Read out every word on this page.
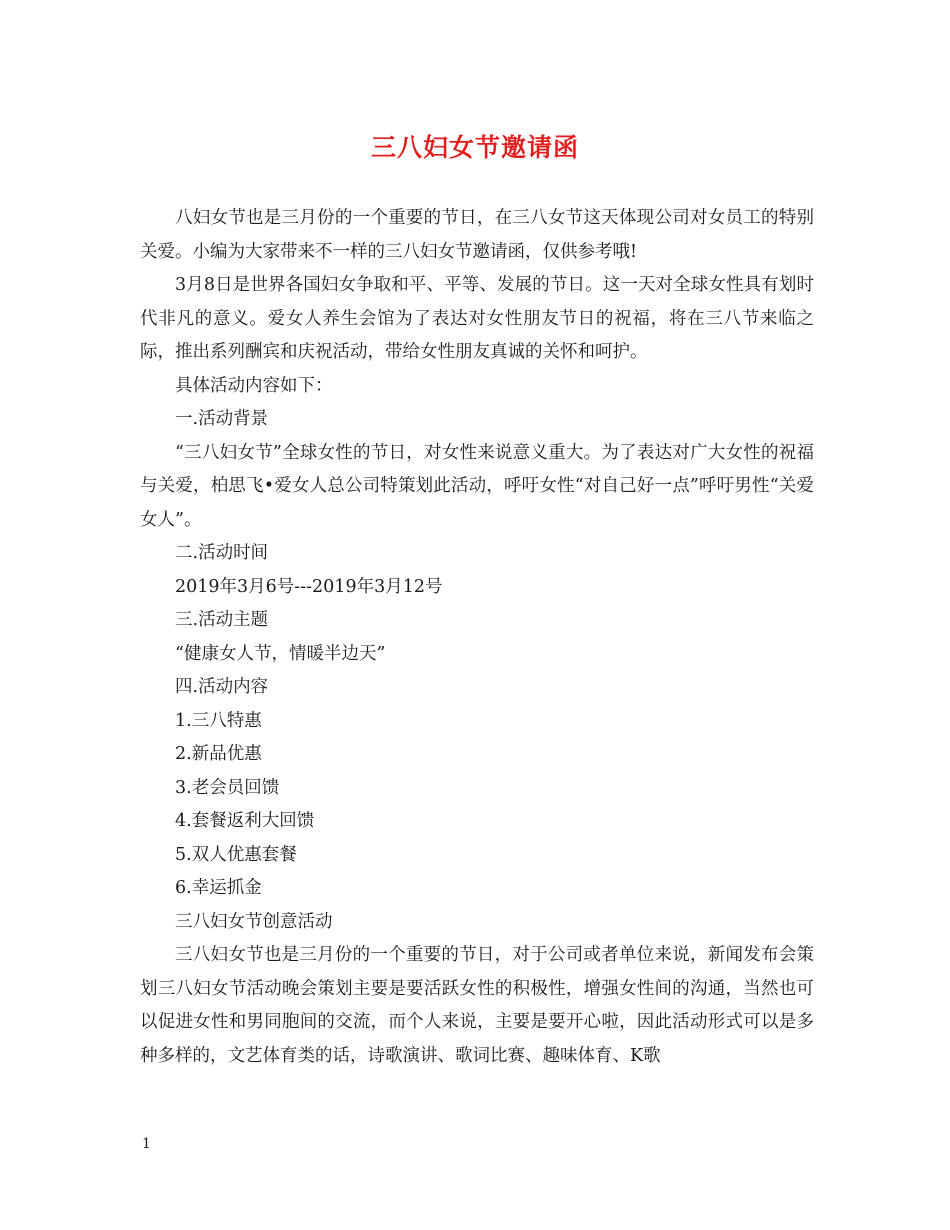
三八妇女节邀请函

八妇女节也是三月份的一个重要的节日，在三八女节这天体现公司对女员工的特别关爱。小编为大家带来不一样的三八妇女节邀请函，仅供参考哦!

3月8日是世界各国妇女争取和平、平等、发展的节日。这一天对全球女性具有划时代非凡的意义。爱女人养生会馆为了表达对女性朋友节日的祝福，将在三八节来临之际，推出系列酬宾和庆祝活动，带给女性朋友真诚的关怀和呵护。

具体活动内容如下：

一.活动背景

“三八妇女节”全球女性的节日，对女性来说意义重大。为了表达对广大女性的祝福与关爱，柏思飞•爱女人总公司特策划此活动，呼吁女性“对自己好一点”呼吁男性“关爱女人”。

二.活动时间

2019年3月6号---2019年3月12号

三.活动主题

“健康女人节，情暖半边天”

四.活动内容

1.三八特惠

2.新品优惠

3.老会员回馈

4.套餐返利大回馈

5.双人优惠套餐

6.幸运抓金

三八妇女节创意活动

三八妇女节也是三月份的一个重要的节日，对于公司或者单位来说，新闻发布会策划三八妇女节活动晚会策划主要是要活跃女性的积极性，增强女性间的沟通，当然也可以促进女性和男同胞间的交流，而个人来说，主要是要开心啦，因此活动形式可以是多种多样的，文艺体育类的话，诗歌演讲、歌词比赛、趣味体育、K歌

1
